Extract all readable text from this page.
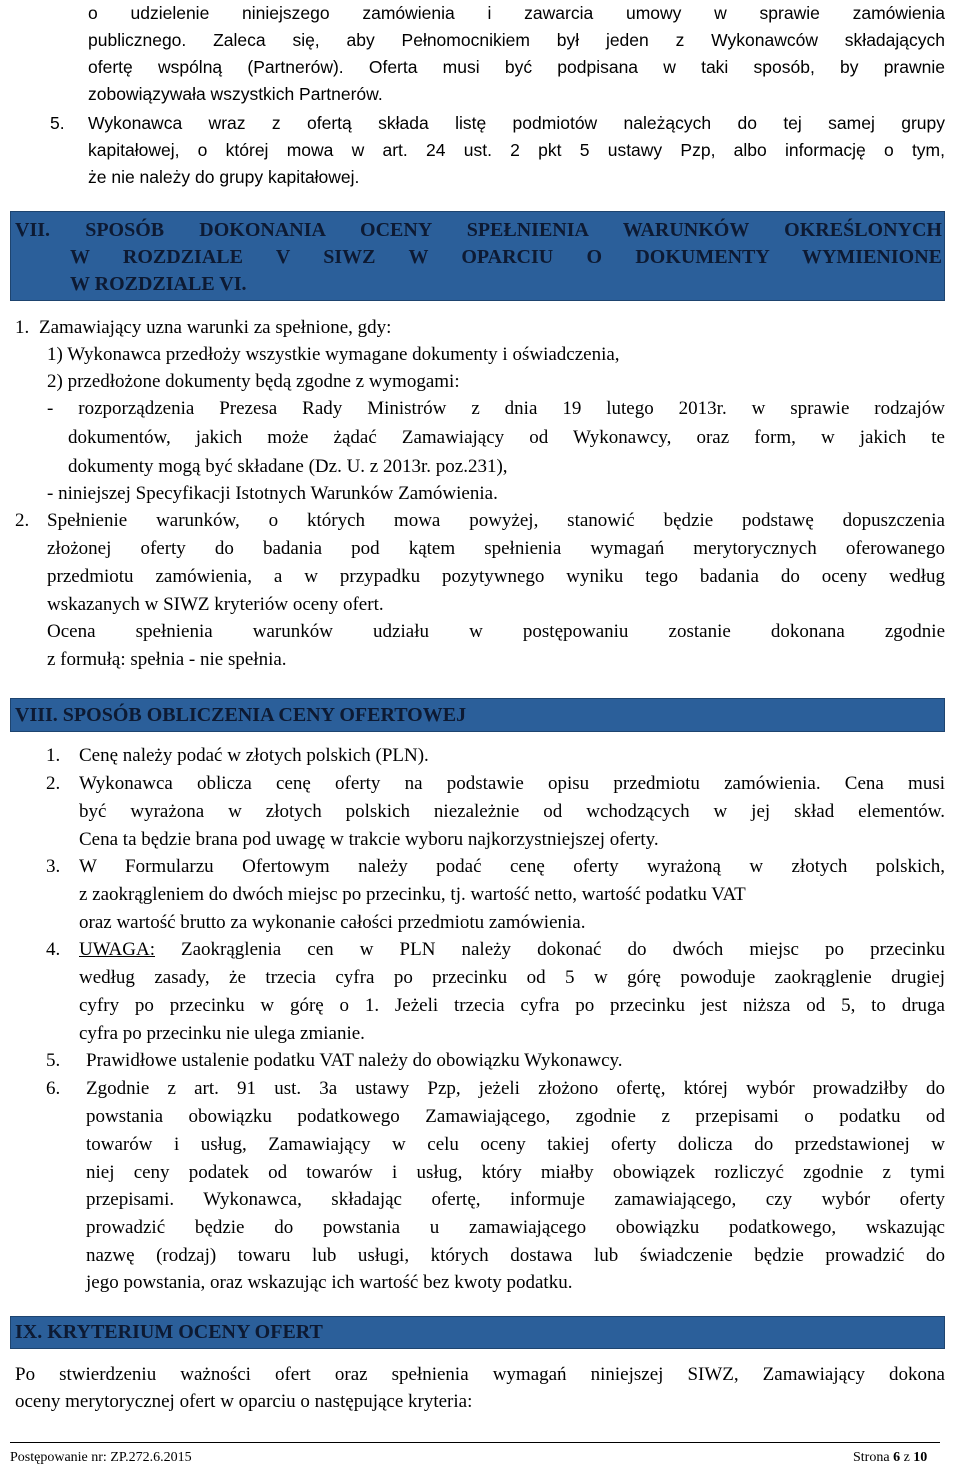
o udzielenie niniejszego zamówienia i zawarcia umowy w sprawie zamówienia
publicznego. Zaleca się, aby Pełnomocnikiem był jeden z Wykonawców składających
ofertę wspólną (Partnerów). Oferta musi być podpisana w taki sposób, by prawnie
zobowiązywała wszystkich Partnerów.
5. Wykonawca wraz z ofertą składa listę podmiotów należących do tej samej grupy
kapitałowej, o której mowa w art. 24 ust. 2 pkt 5 ustawy Pzp, albo informację o tym,
że nie należy do grupy kapitałowej.
VII. SPOSÓB DOKONANIA OCENY SPEŁNIENIA WARUNKÓW OKREŚLONYCH
W ROZDZIALE V SIWZ W OPARCIU O DOKUMENTY WYMIENIONE
W ROZDZIALE VI.
1. Zamawiający uzna warunki za spełnione, gdy:
1) Wykonawca przedłoży wszystkie wymagane dokumenty i oświadczenia,
2) przedłożone dokumenty będą zgodne z wymogami:
- rozporządzenia Prezesa Rady Ministrów z dnia 19 lutego 2013r. w sprawie rodzajów
dokumentów, jakich może żądać Zamawiający od Wykonawcy, oraz form, w jakich te
dokumenty mogą być składane (Dz. U. z 2013r. poz.231),
- niniejszej Specyfikacji Istotnych Warunków Zamówienia.
2. Spełnienie warunków, o których mowa powyżej, stanowić będzie podstawę dopuszczenia
złożonej oferty do badania pod kątem spełnienia wymagań merytorycznych oferowanego
przedmiotu zamówienia, a w przypadku pozytywnego wyniku tego badania do oceny według
wskazanych w SIWZ kryteriów oceny ofert.
Ocena spełnienia warunków udziału w postępowaniu zostanie dokonana zgodnie
z formułą: spełnia - nie spełnia.
VIII. SPOSÓB OBLICZENIA CENY OFERTOWEJ
1. Cenę należy podać w złotych polskich (PLN).
2. Wykonawca oblicza cenę oferty na podstawie opisu przedmiotu zamówienia. Cena musi
być wyrażona w złotych polskich niezależnie od wchodzących w jej skład elementów.
Cena ta będzie brana pod uwagę w trakcie wyboru najkorzystniejszej oferty.
3. W Formularzu Ofertowym należy podać cenę oferty wyrażoną w złotych polskich,
z zaokrągleniem do dwóch miejsc po przecinku, tj. wartość netto, wartość podatku VAT
oraz wartość brutto za wykonanie całości przedmiotu zamówienia.
4. UWAGA: Zaokrąglenia cen w PLN należy dokonać do dwóch miejsc po przecinku
według zasady, że trzecia cyfra po przecinku od 5 w górę powoduje zaokrąglenie drugiej
cyfry po przecinku w górę o 1. Jeżeli trzecia cyfra po przecinku jest niższa od 5, to druga
cyfra po przecinku nie ulega zmianie.
5. Prawidłowe ustalenie podatku VAT należy do obowiązku Wykonawcy.
6. Zgodnie z art. 91 ust. 3a ustawy Pzp, jeżeli złożono ofertę, której wybór prowadziłby do
powstania obowiązku podatkowego Zamawiającego, zgodnie z przepisami o podatku od
towarów i usług, Zamawiający w celu oceny takiej oferty dolicza do przedstawionej w
niej ceny podatek od towarów i usług, który miałby obowiązek rozliczyć zgodnie z tymi
przepisami. Wykonawca, składając ofertę, informuje zamawiającego, czy wybór oferty
prowadzić będzie do powstania u zamawiającego obowiązku podatkowego, wskazując
nazwę (rodzaj) towaru lub usługi, których dostawa lub świadczenie będzie prowadzić do
jego powstania, oraz wskazując ich wartość bez kwoty podatku.
IX. KRYTERIUM OCENY OFERT
Po stwierdzeniu ważności ofert oraz spełnienia wymagań niniejszej SIWZ, Zamawiający dokona
oceny merytorycznej ofert w oparciu o następujące kryteria:
Postępowanie nr: ZP.272.6.2015	Strona 6 z 10
